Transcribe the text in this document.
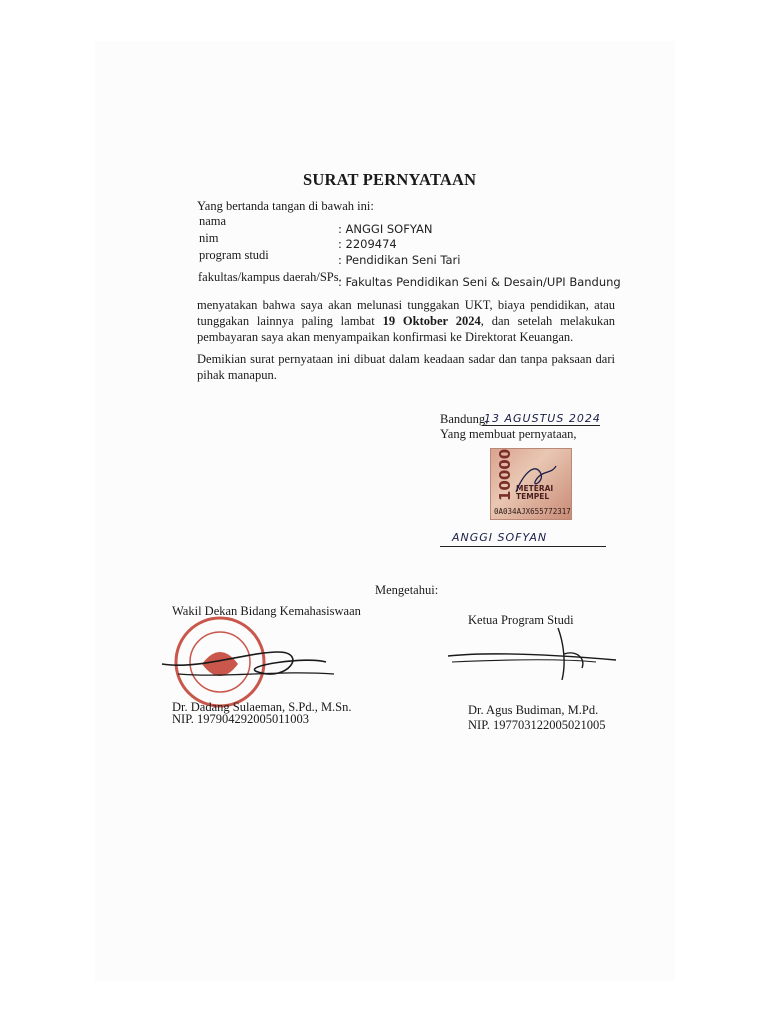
SURAT PERNYATAAN
Yang bertanda tangan di bawah ini:
nama
: ANGGI SOFYAN
nim	: 2209474
program studi	: Pendidikan Seni Tari
fakultas/kampus daerah/SPs.
: Fakultas Pendidikan Seni & Desain/UPI Bandung
menyatakan bahwa saya akan melunasi tunggakan UKT, biaya pendidikan, atau tunggakan lainnya paling lambat 19 Oktober 2024, dan setelah melakukan pembayaran saya akan menyampaikan konfirmasi ke Direktorat Keuangan.
Demikian surat pernyataan ini dibuat dalam keadaan sadar dan tanpa paksaan dari pihak manapun.
Bandung,
13 AGUSTUS 2024
Yang membuat pernyataan,
10000 METERAI
TEMPEL
0A034AJX655772317
ANGGI SOFYAN
Mengetahui:
Wakil Dekan Bidang Kemahasiswaan
Dr. Dadang Sulaeman, S.Pd., M.Sn.
NIP. 197904292005011003
Ketua Program Studi
Dr. Agus Budiman, M.Pd.
NIP. 197703122005021005
